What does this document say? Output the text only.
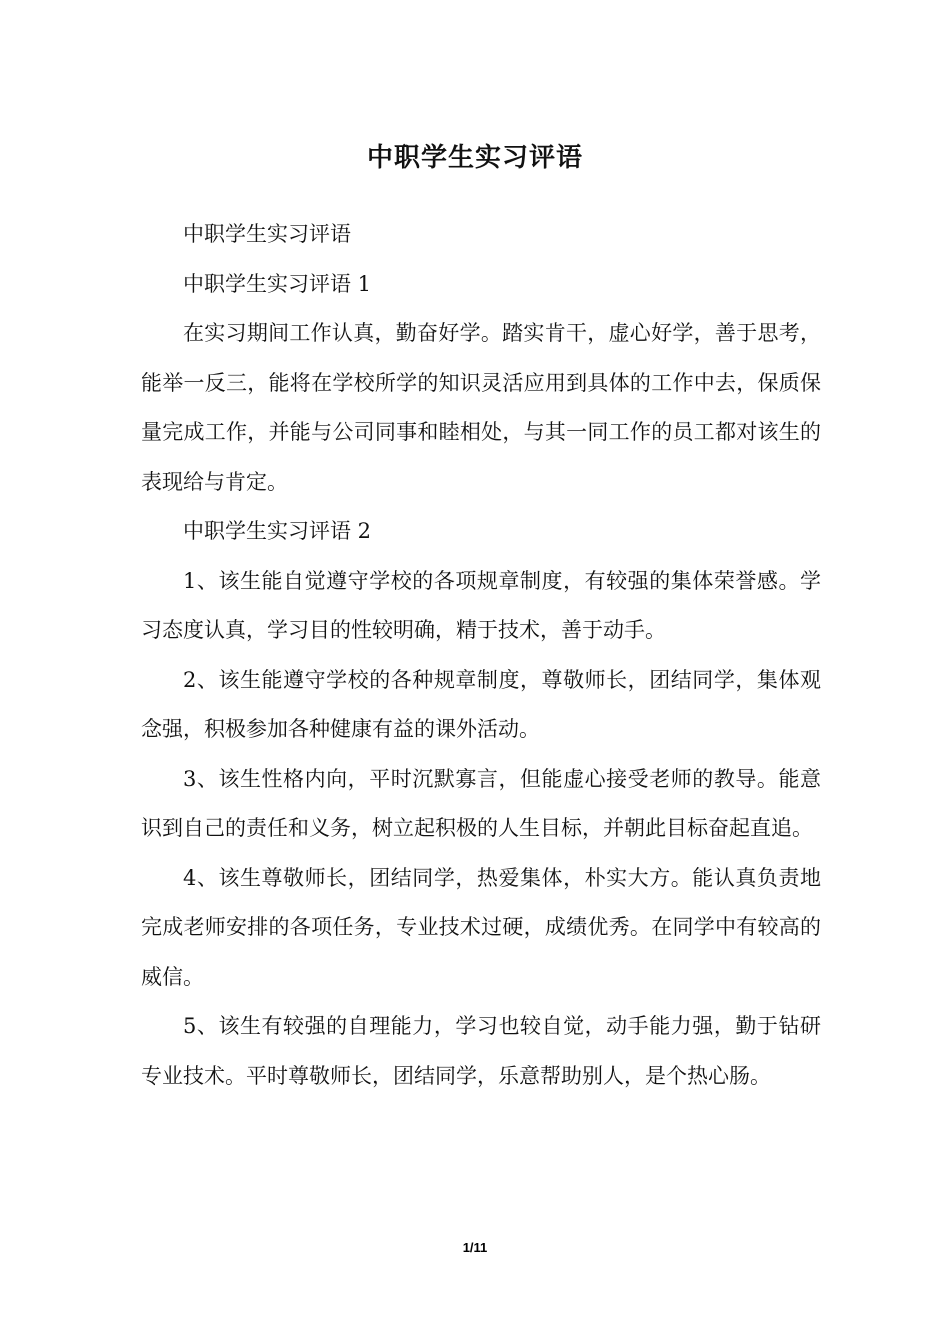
中职学生实习评语

中职学生实习评语

中职学生实习评语 1

在实习期间工作认真，勤奋好学。踏实肯干，虚心好学，善于思考，能举一反三，能将在学校所学的知识灵活应用到具体的工作中去，保质保量完成工作，并能与公司同事和睦相处，与其一同工作的员工都对该生的表现给与肯定。

中职学生实习评语 2

1、该生能自觉遵守学校的各项规章制度，有较强的集体荣誉感。学习态度认真，学习目的性较明确，精于技术，善于动手。

2、该生能遵守学校的各种规章制度，尊敬师长，团结同学，集体观念强，积极参加各种健康有益的课外活动。

3、该生性格内向，平时沉默寡言，但能虚心接受老师的教导。能意识到自己的责任和义务，树立起积极的人生目标，并朝此目标奋起直追。

4、该生尊敬师长，团结同学，热爱集体，朴实大方。能认真负责地完成老师安排的各项任务，专业技术过硬，成绩优秀。在同学中有较高的威信。

5、该生有较强的自理能力，学习也较自觉，动手能力强，勤于钻研专业技术。平时尊敬师长，团结同学，乐意帮助别人，是个热心肠。

1/11
